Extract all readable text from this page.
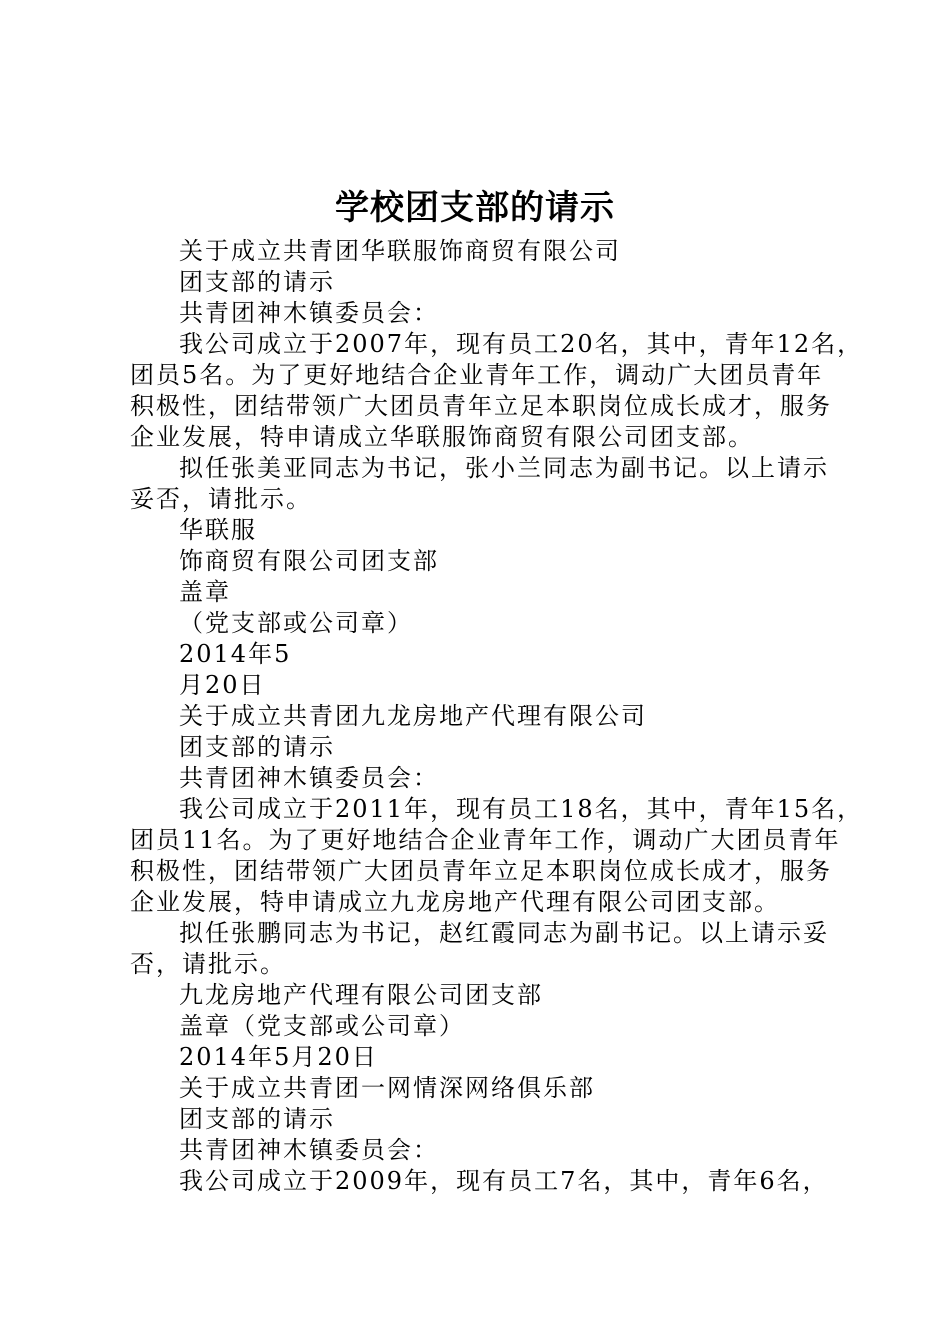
学校团支部的请示
关于成立共青团华联服饰商贸有限公司
团支部的请示
共青团神木镇委员会：
我公司成立于2007年，现有员工20名，其中，青年12名，
团员5名。为了更好地结合企业青年工作，调动广大团员青年
积极性，团结带领广大团员青年立足本职岗位成长成才，服务
企业发展，特申请成立华联服饰商贸有限公司团支部。
拟任张美亚同志为书记，张小兰同志为副书记。以上请示
妥否，请批示。
华联服
饰商贸有限公司团支部
盖章
（党支部或公司章）
2014年5
月20日
关于成立共青团九龙房地产代理有限公司
团支部的请示
共青团神木镇委员会：
我公司成立于2011年，现有员工18名，其中，青年15名，
团员11名。为了更好地结合企业青年工作，调动广大团员青年
积极性，团结带领广大团员青年立足本职岗位成长成才，服务
企业发展，特申请成立九龙房地产代理有限公司团支部。
拟任张鹏同志为书记，赵红霞同志为副书记。以上请示妥
否，请批示。
九龙房地产代理有限公司团支部
盖章（党支部或公司章）
2014年5月20日
关于成立共青团一网情深网络俱乐部
团支部的请示
共青团神木镇委员会：
我公司成立于2009年，现有员工7名，其中，青年6名，
